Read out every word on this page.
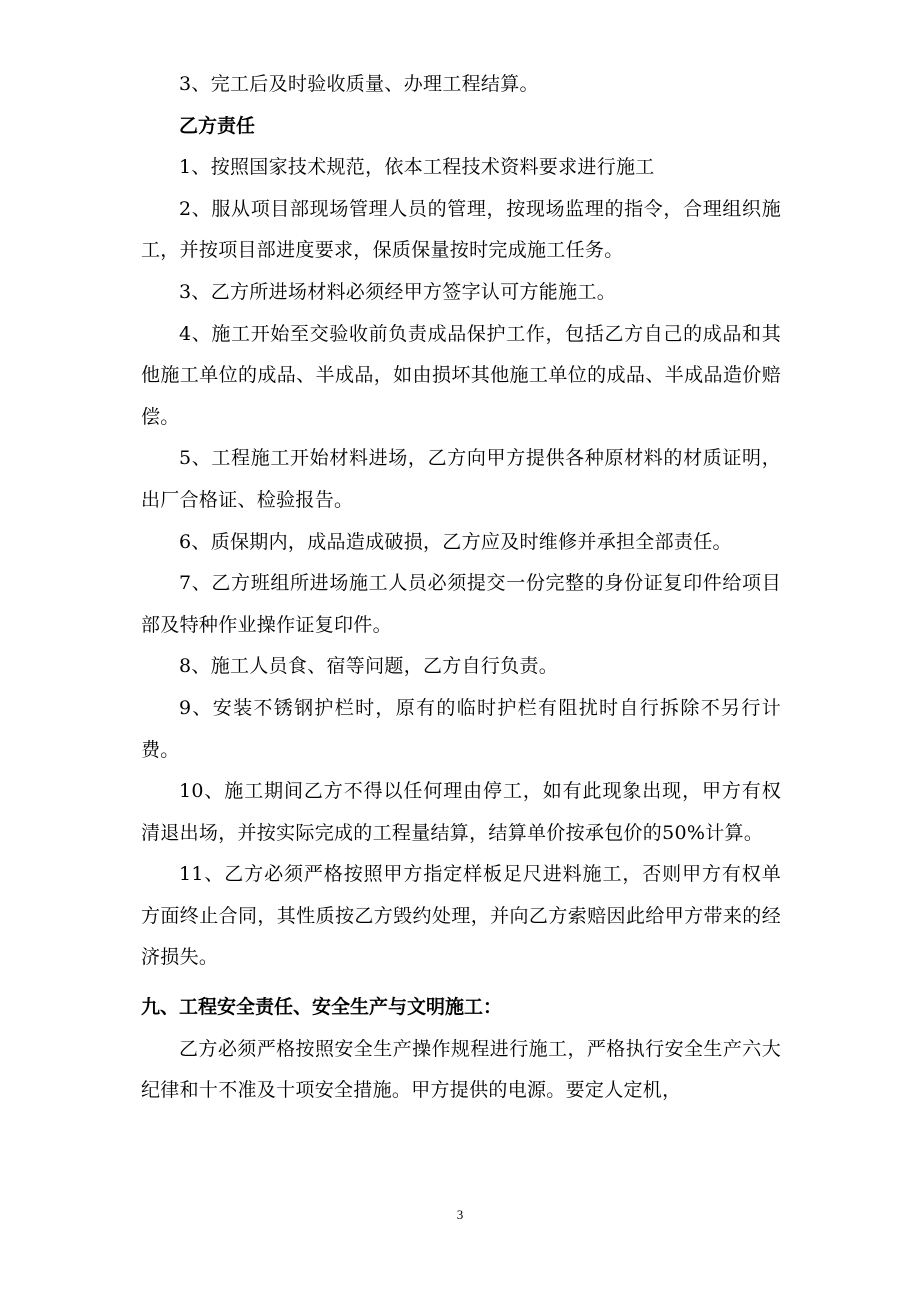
3、完工后及时验收质量、办理工程结算。

乙方责任

1、按照国家技术规范，依本工程技术资料要求进行施工

2、服从项目部现场管理人员的管理，按现场监理的指令，合理组织施工，并按项目部进度要求，保质保量按时完成施工任务。

3、乙方所进场材料必须经甲方签字认可方能施工。

4、施工开始至交验收前负责成品保护工作，包括乙方自己的成品和其他施工单位的成品、半成品，如由损坏其他施工单位的成品、半成品造价赔偿。

5、工程施工开始材料进场，乙方向甲方提供各种原材料的材质证明，出厂合格证、检验报告。

6、质保期内，成品造成破损，乙方应及时维修并承担全部责任。

7、乙方班组所进场施工人员必须提交一份完整的身份证复印件给项目部及特种作业操作证复印件。

8、施工人员食、宿等问题，乙方自行负责。

9、安装不锈钢护栏时，原有的临时护栏有阻扰时自行拆除不另行计费。

10、施工期间乙方不得以任何理由停工，如有此现象出现，甲方有权清退出场，并按实际完成的工程量结算，结算单价按承包价的50%计算。

11、乙方必须严格按照甲方指定样板足尺进料施工，否则甲方有权单方面终止合同，其性质按乙方毁约处理，并向乙方索赔因此给甲方带来的经济损失。

九、工程安全责任、安全生产与文明施工：

乙方必须严格按照安全生产操作规程进行施工，严格执行安全生产六大纪律和十不准及十项安全措施。甲方提供的电源。要定人定机，

3
